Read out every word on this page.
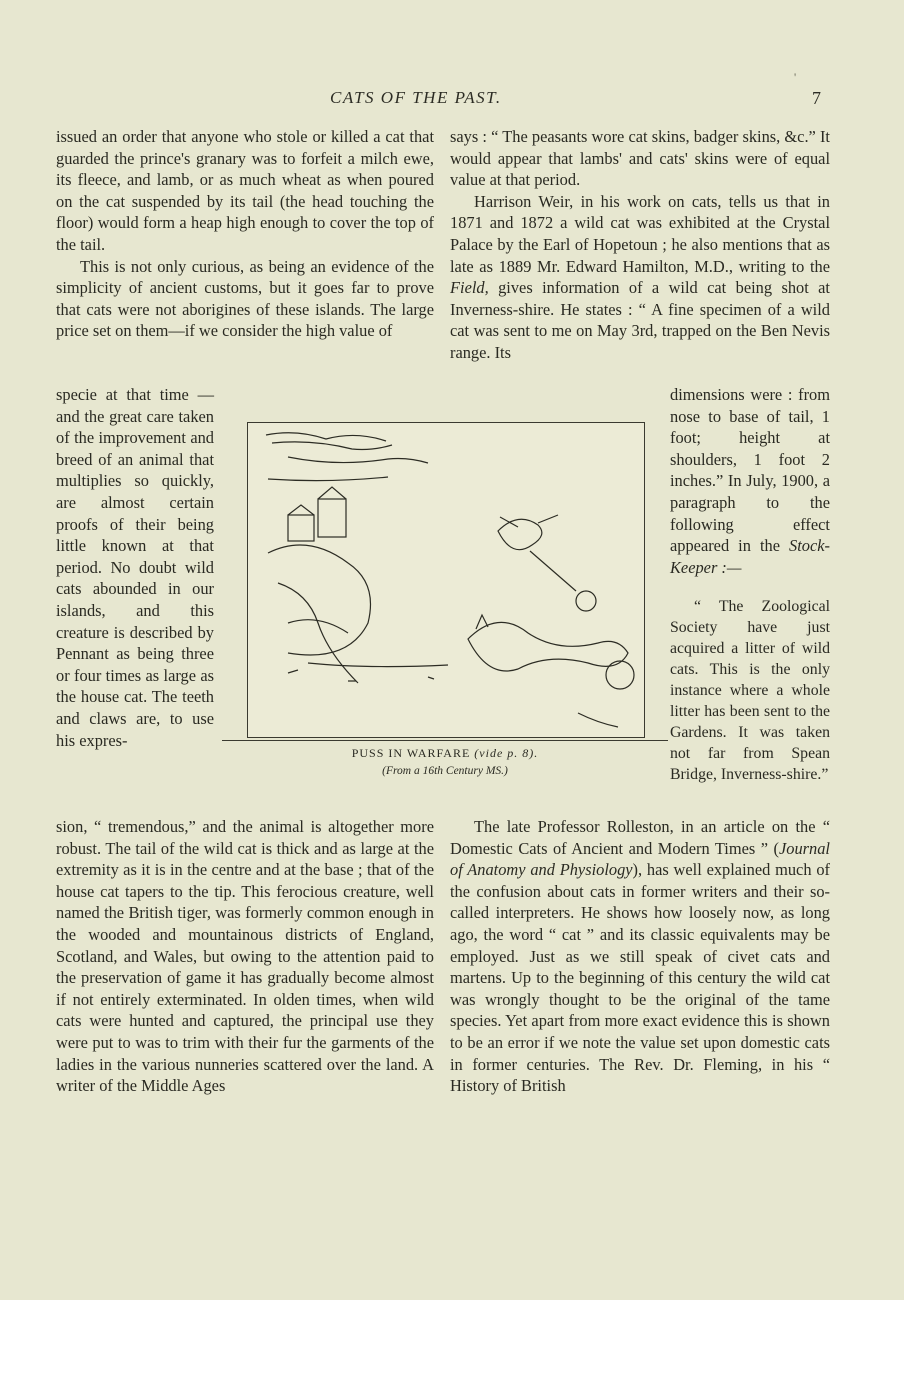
CATS OF THE PAST.	7
'

issued an order that anyone who stole or killed a cat that guarded the prince's granary was to forfeit a milch ewe, its fleece, and lamb, or as much wheat as when poured on the cat suspended by its tail (the head touching the floor) would form a heap high enough to cover the top of the tail.

This is not only curious, as being an evidence of the simplicity of ancient customs, but it goes far to prove that cats were not aborigines of these islands. The large price set on them—if we consider the high value of

specie at that time — and the great care taken of the improvement and breed of an animal that multiplies so quickly, are almost certain proofs of their being little known at that period. No doubt wild cats abounded in our islands, and this creature is described by Pennant as being three or four times as large as the house cat. The teeth and claws are, to use his expres-
sion, “ tremendous,” and the animal is altogether more robust. The tail of the wild cat is thick and as large at the extremity as it is in the centre and at the base ; that of the house cat tapers to the tip. This ferocious creature, well named the British tiger, was formerly common enough in the wooded and mountainous districts of England, Scotland, and Wales, but owing to the attention paid to the preservation of game it has gradually become almost if not entirely exterminated. In olden times, when wild cats were hunted and captured, the principal use they were put to was to trim with their fur the garments of the ladies in the various nunneries scattered over the land. A writer of the Middle Ages

says : “ The peasants wore cat skins, badger skins, &c.” It would appear that lambs' and cats' skins were of equal value at that period.

Harrison Weir, in his work on cats, tells us that in 1871 and 1872 a wild cat was exhibited at the Crystal Palace by the Earl of Hopetoun ; he also mentions that as late as 1889 Mr. Edward Hamilton, M.D., writing to the Field, gives information of a wild cat being shot at Inverness-shire. He states : “ A fine specimen of a wild cat was sent to me on May 3rd, trapped on the Ben Nevis range. Its

dimensions were : from nose to base of tail, 1 foot; height at shoulders, 1 foot 2 inches.” In July, 1900, a paragraph to the following effect appeared in the Stock-Keeper :—
“ The Zoological Society have just acquired a litter of wild cats. This is the only instance where a whole litter has been sent to the Gardens. It was taken not far from Spean Bridge, Inverness-shire.”
The late Professor Rolleston, in an article on the “ Domestic Cats of Ancient and Modern Times ” (Journal of Anatomy and Physiology), has well explained much of the confusion about cats in former writers and their so-called interpreters. He shows how loosely now, as long ago, the word “ cat ” and its classic equivalents may be employed. Just as we still speak of civet cats and martens. Up to the beginning of this century the wild cat was wrongly thought to be the original of the tame species. Yet apart from more exact evidence this is shown to be an error if we note the value set upon domestic cats in former centuries. The Rev. Dr. Fleming, in his “ History of British
PUSS IN WARFARE (vide p. 8).
(From a 16th Century MS.)
